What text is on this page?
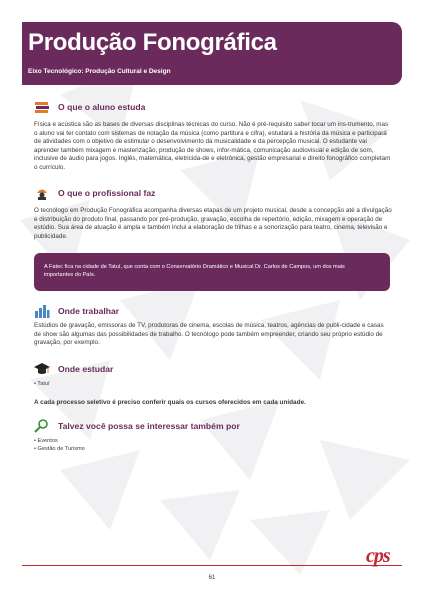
Produção Fonográfica
Eixo Tecnológico: Produção Cultural e Design
O que o aluno estuda
Física e acústica são as bases de diversas disciplinas técnicas do curso. Não é pré-requisito saber tocar um ins-trumento, mas o aluno vai ter contato com sistemas de notação da música (como partitura e cifra), estudará a história da música e participará de atividades com o objetivo de estimular o desenvolvimento da musicalidade e da percepção musical. O estudante vai aprender também mixagem e masterização, produção de shows, infor-mática, comunicação audiovisual e edição de som, inclusive de áudio para jogos. Inglês, matemática, eletricida-de e eletrônica, gestão empresarial e direito fonográfico completam o currículo.
O que o profissional faz
O tecnólogo em Produção Fonográfica acompanha diversas etapas de um projeto musical, desde a concepção até a divulgação e distribuição do produto final, passando por pré-produção, gravação, escolha de repertório, edição, mixagem e operação de estúdio. Sua área de atuação é ampla e também inclui a elaboração de trilhas e a sonorização para teatro, cinema, televisão e publicidade.
A Fatec fica na cidade de Tatuí, que conta com o Conservatório Dramático e Musical Dr. Carlos de Campos, um dos mais importantes do País.
Onde trabalhar
Estúdios de gravação, emissoras de TV, produtoras de cinema, escolas de música, teatros, agências de publi-cidade e casas de show são algumas das possibilidades de trabalho. O tecnólogo pode também empreender, criando seu próprio estúdio de gravação, por exemplo.
Onde estudar
• Tatuí
A cada processo seletivo é preciso conferir quais os cursos oferecidos em cada unidade.
Talvez você possa se interessar também por
• Eventos
• Gestão de Turismo
cps
61
